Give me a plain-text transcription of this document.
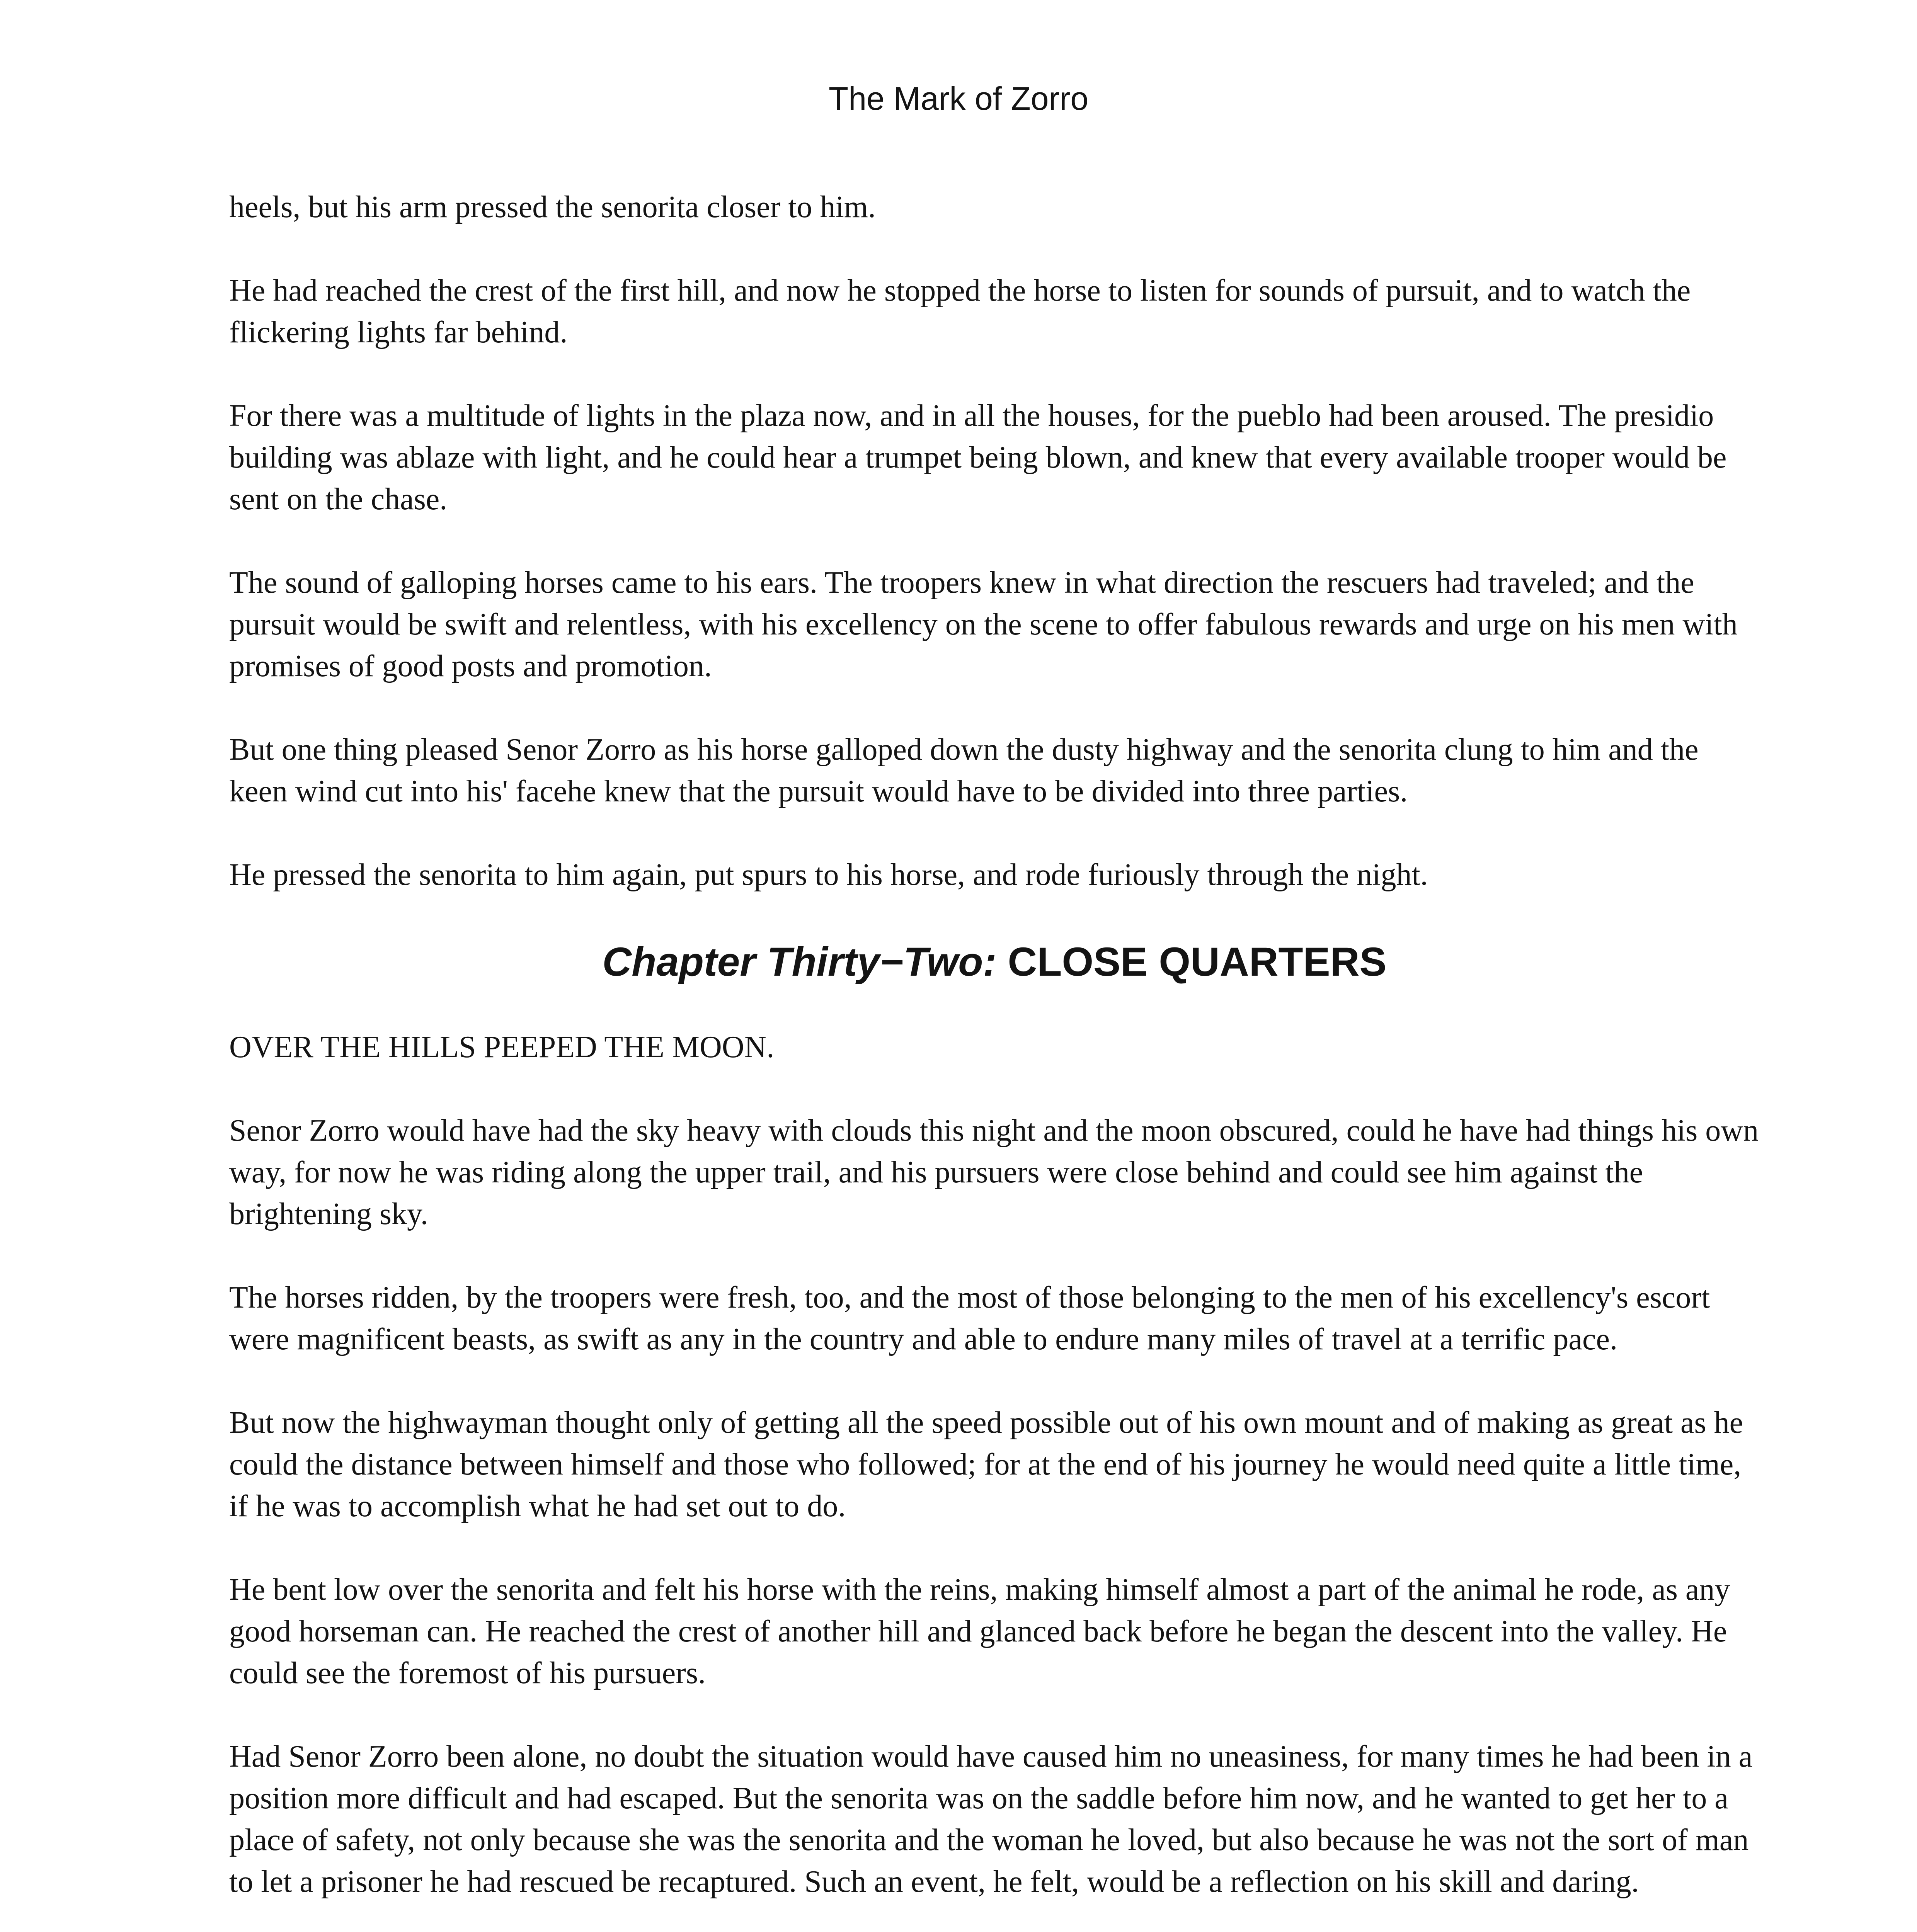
The Mark of Zorro

heels, but his arm pressed the senorita closer to him.

He had reached the crest of the first hill, and now he stopped the horse to listen for sounds of pursuit, and to watch the flickering lights far behind.

For there was a multitude of lights in the plaza now, and in all the houses, for the pueblo had been aroused. The presidio building was ablaze with light, and he could hear a trumpet being blown, and knew that every available trooper would be sent on the chase.

The sound of galloping horses came to his ears. The troopers knew in what direction the rescuers had traveled; and the pursuit would be swift and relentless, with his excellency on the scene to offer fabulous rewards and urge on his men with promises of good posts and promotion.

But one thing pleased Senor Zorro as his horse galloped down the dusty highway and the senorita clung to him and the keen wind cut into his' facehe knew that the pursuit would have to be divided into three parties.

He pressed the senorita to him again, put spurs to his horse, and rode furiously through the night.

Chapter Thirty−Two: CLOSE QUARTERS

OVER THE HILLS PEEPED THE MOON.

Senor Zorro would have had the sky heavy with clouds this night and the moon obscured, could he have had things his own way, for now he was riding along the upper trail, and his pursuers were close behind and could see him against the brightening sky.

The horses ridden, by the troopers were fresh, too, and the most of those belonging to the men of his excellency's escort were magnificent beasts, as swift as any in the country and able to endure many miles of travel at a terrific pace.

But now the highwayman thought only of getting all the speed possible out of his own mount and of making as great as he could the distance between himself and those who followed; for at the end of his journey he would need quite a little time, if he was to accomplish what he had set out to do.

He bent low over the senorita and felt his horse with the reins, making himself almost a part of the animal he rode, as any good horseman can. He reached the crest of another hill and glanced back before he began the descent into the valley. He could see the foremost of his pursuers.

Had Senor Zorro been alone, no doubt the situation would have caused him no uneasiness, for many times he had been in a position more difficult and had escaped. But the senorita was on the saddle before him now, and he wanted to get her to a place of safety, not only because she was the senorita and the woman he loved, but also because he was not the sort of man to let a prisoner he had rescued be recaptured. Such an event, he felt, would be a reflection on his skill and daring.
